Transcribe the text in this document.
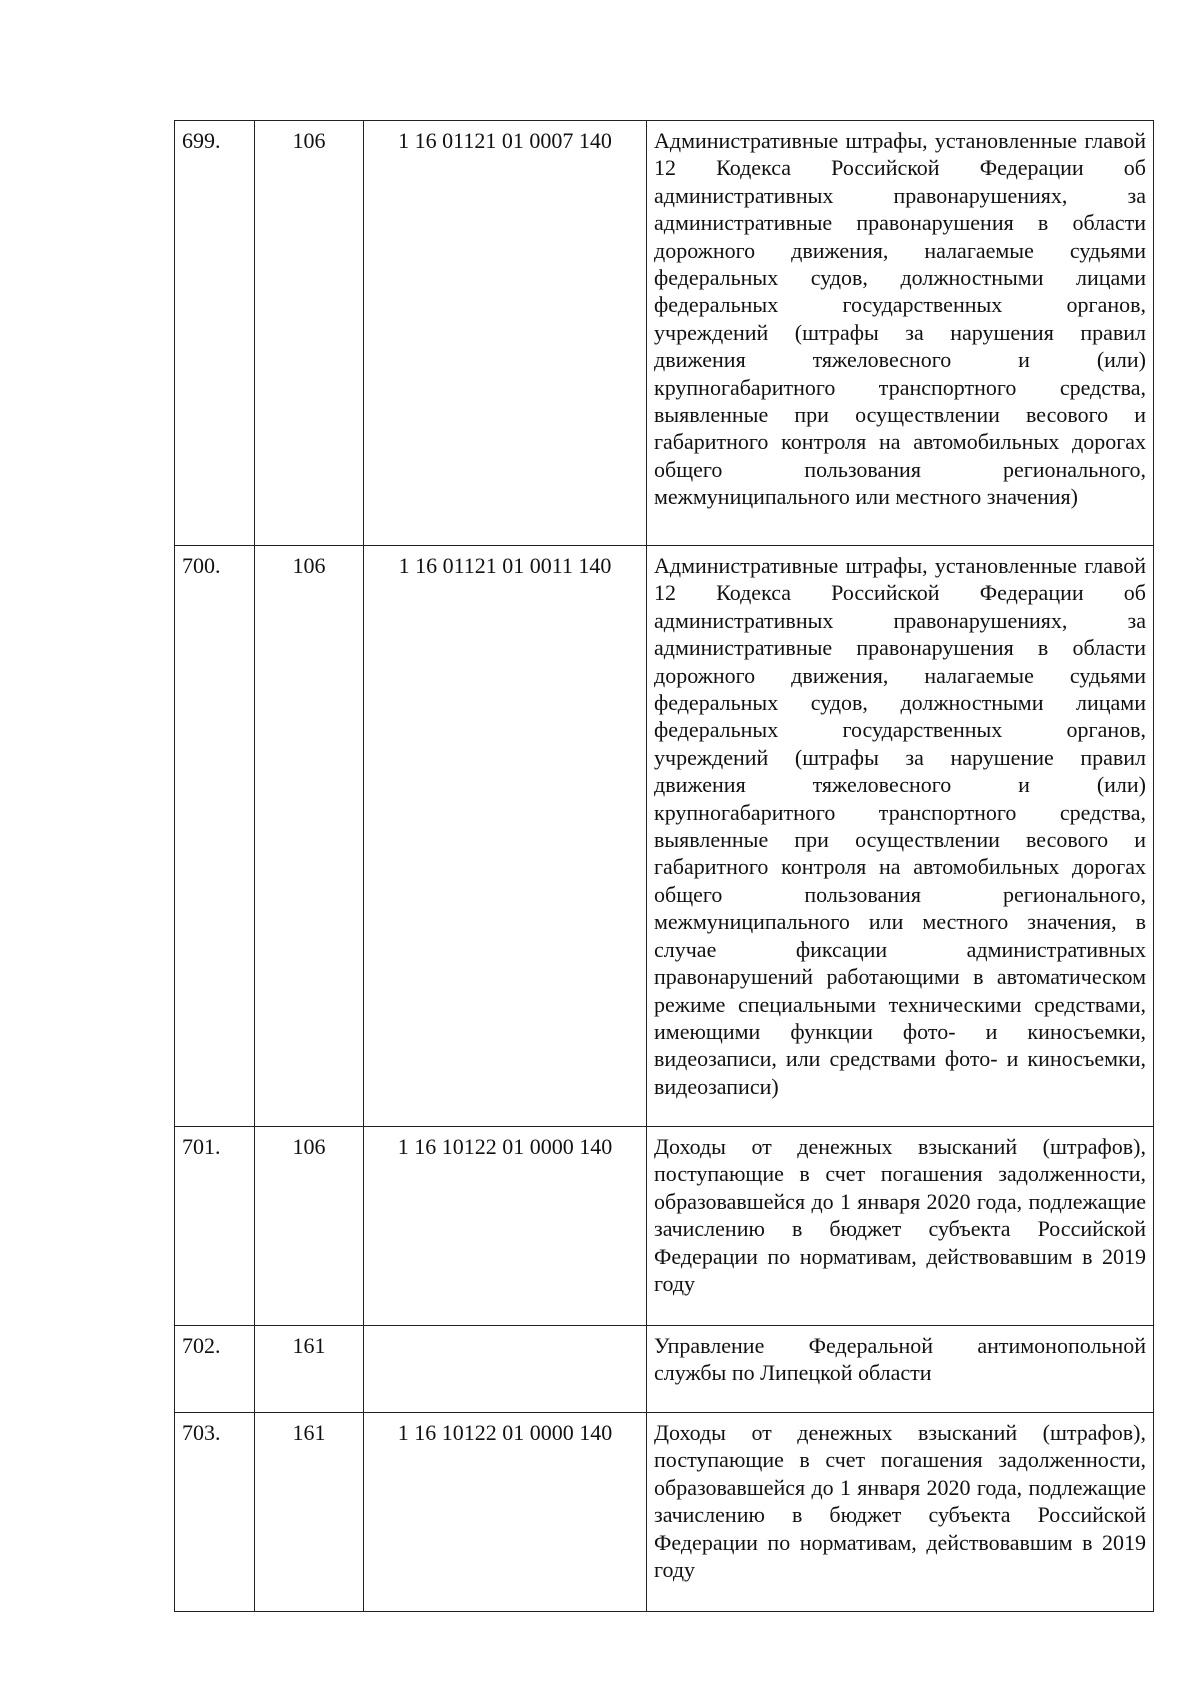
699.	106	1 16 01121 01 0007 140	Административные штрафы, установленные главой 12 Кодекса Российской Федерации об административных правонарушениях, за административные правонарушения в области дорожного движения, налагаемые судьями федеральных судов, должностными лицами федеральных государственных органов, учреждений (штрафы за нарушения правил движения тяжеловесного и (или) крупногабаритного транспортного средства, выявленные при осуществлении весового и габаритного контроля на автомобильных дорогах общего пользования регионального, межмуниципального или местного значения)
700.	106	1 16 01121 01 0011 140	Административные штрафы, установленные главой 12 Кодекса Российской Федерации об административных правонарушениях, за административные правонарушения в области дорожного движения, налагаемые судьями федеральных судов, должностными лицами федеральных государственных органов, учреждений (штрафы за нарушение правил движения тяжеловесного и (или) крупногабаритного транспортного средства, выявленные при осуществлении весового и габаритного контроля на автомобильных дорогах общего пользования регионального, межмуниципального или местного значения, в случае фиксации административных правонарушений работающими в автоматическом режиме специальными техническими средствами, имеющими функции фото- и киносъемки, видеозаписи, или средствами фото- и киносъемки, видеозаписи)
701.	106	1 16 10122 01 0000 140	Доходы от денежных взысканий (штрафов), поступающие в счет погашения задолженности, образовавшейся до 1 января 2020 года, подлежащие зачислению в бюджет субъекта Российской Федерации по нормативам, действовавшим в 2019 году
702.	161		Управление Федеральной антимонопольной службы по Липецкой области
703.	161	1 16 10122 01 0000 140	Доходы от денежных взысканий (штрафов), поступающие в счет погашения задолженности, образовавшейся до 1 января 2020 года, подлежащие зачислению в бюджет субъекта Российской Федерации по нормативам, действовавшим в 2019 году
